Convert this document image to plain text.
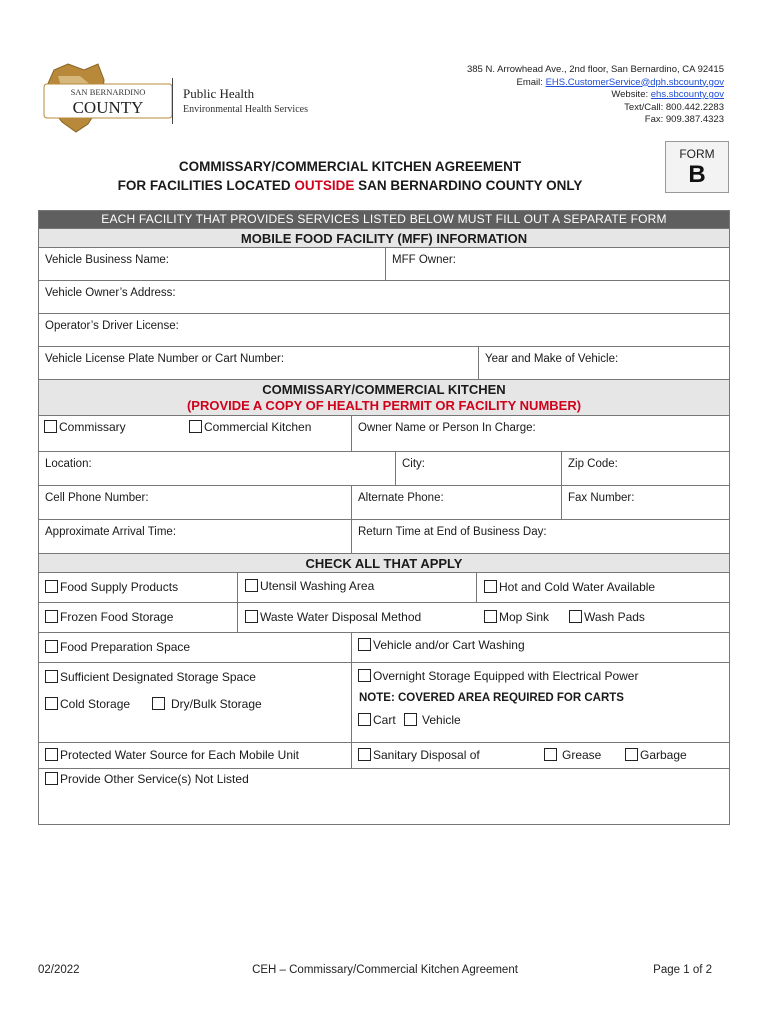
SAN BERNARDINO
COUNTY
Public Health
Environmental Health Services
385 N. Arrowhead Ave., 2nd floor, San Bernardino, CA 92415
Email: EHS.CustomerService@dph.sbcounty.gov
Website: ehs.sbcounty.gov
Text/Call: 800.442.2283
Fax: 909.387.4323
FORM
B
COMMISSARY/COMMERCIAL KITCHEN AGREEMENT
FOR FACILITIES LOCATED OUTSIDE SAN BERNARDINO COUNTY ONLY
EACH FACILITY THAT PROVIDES SERVICES LISTED BELOW MUST FILL OUT A SEPARATE FORM
MOBILE FOOD FACILITY (MFF) INFORMATION
Vehicle Business Name:	MFF Owner:
Vehicle Owner’s Address:
Operator’s Driver License:
Vehicle License Plate Number or Cart Number:	Year and Make of Vehicle:
COMMISSARY/COMMERCIAL KITCHEN
(PROVIDE A COPY OF HEALTH PERMIT OR FACILITY NUMBER)
Commissary	Commercial Kitchen	Owner Name or Person In Charge:
Location:	City:	Zip Code:
Cell Phone Number:	Alternate Phone:	Fax Number:
Approximate Arrival Time:	Return Time at End of Business Day:
CHECK ALL THAT APPLY
Food Supply Products	Utensil Washing Area	Hot and Cold Water Available
Frozen Food Storage	Waste Water Disposal Method	Mop Sink	Wash Pads
Food Preparation Space	Vehicle and/or Cart Washing
Sufficient Designated Storage Space
Cold Storage	Dry/Bulk Storage
Overnight Storage Equipped with Electrical Power
NOTE: COVERED AREA REQUIRED FOR CARTS
Cart	Vehicle
Protected Water Source for Each Mobile Unit	Sanitary Disposal of	Grease	Garbage
Provide Other Service(s) Not Listed
02/2022	CEH – Commissary/Commercial Kitchen Agreement	Page 1 of 2
